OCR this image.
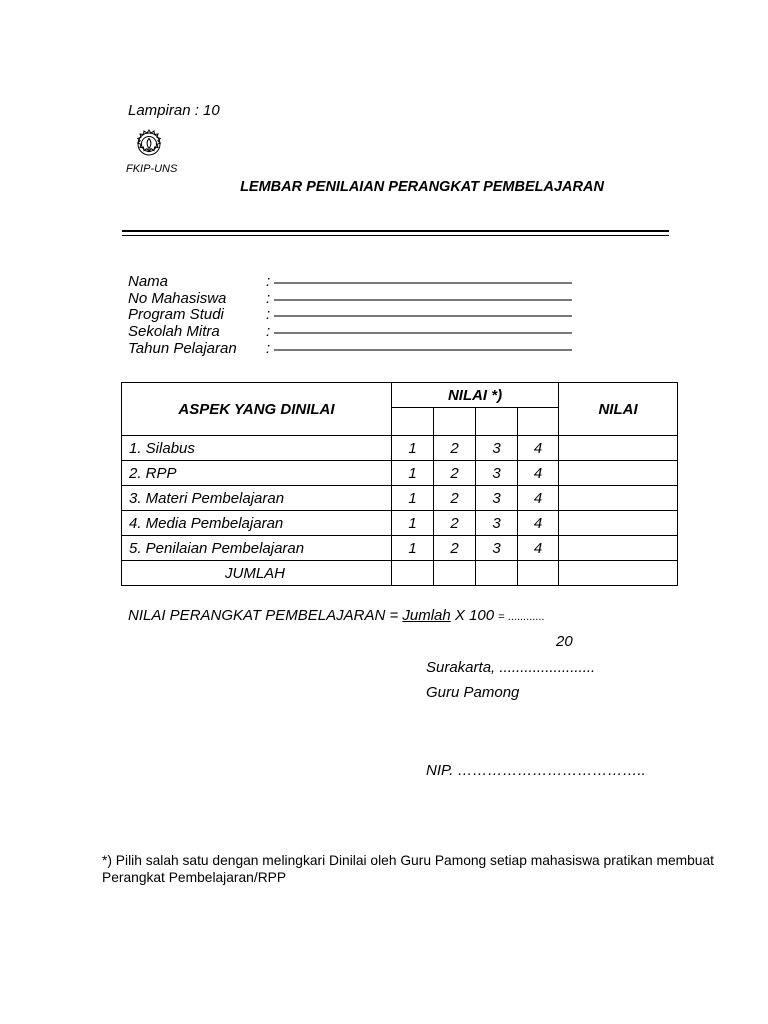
Lampiran : 10
FKIP-UNS
LEMBAR PENILAIAN PERANGKAT PEMBELAJARAN
Nama	:
No Mahasiswa	:
Program Studi	:
Sekolah Mitra	:
Tahun Pelajaran :
ASPEK YANG DINILAI	NILAI *)				NILAI

1. Silabus	1	2	3	4	
2. RPP	1	2	3	4	
3. Materi Pembelajaran	1	2	3	4	
4. Media Pembelajaran	1	2	3	4	
5. Penilaian Pembelajaran	1	2	3	4	
JUMLAH					
NILAI PERANGKAT PEMBELAJARAN = Jumlah X 100 = ............
20
Surakarta, .......................
Guru Pamong
NIP. ………………………………..
*) Pilih salah satu dengan melingkari Dinilai oleh Guru Pamong setiap mahasiswa pratikan membuat Perangkat Pembelajaran/RPP
